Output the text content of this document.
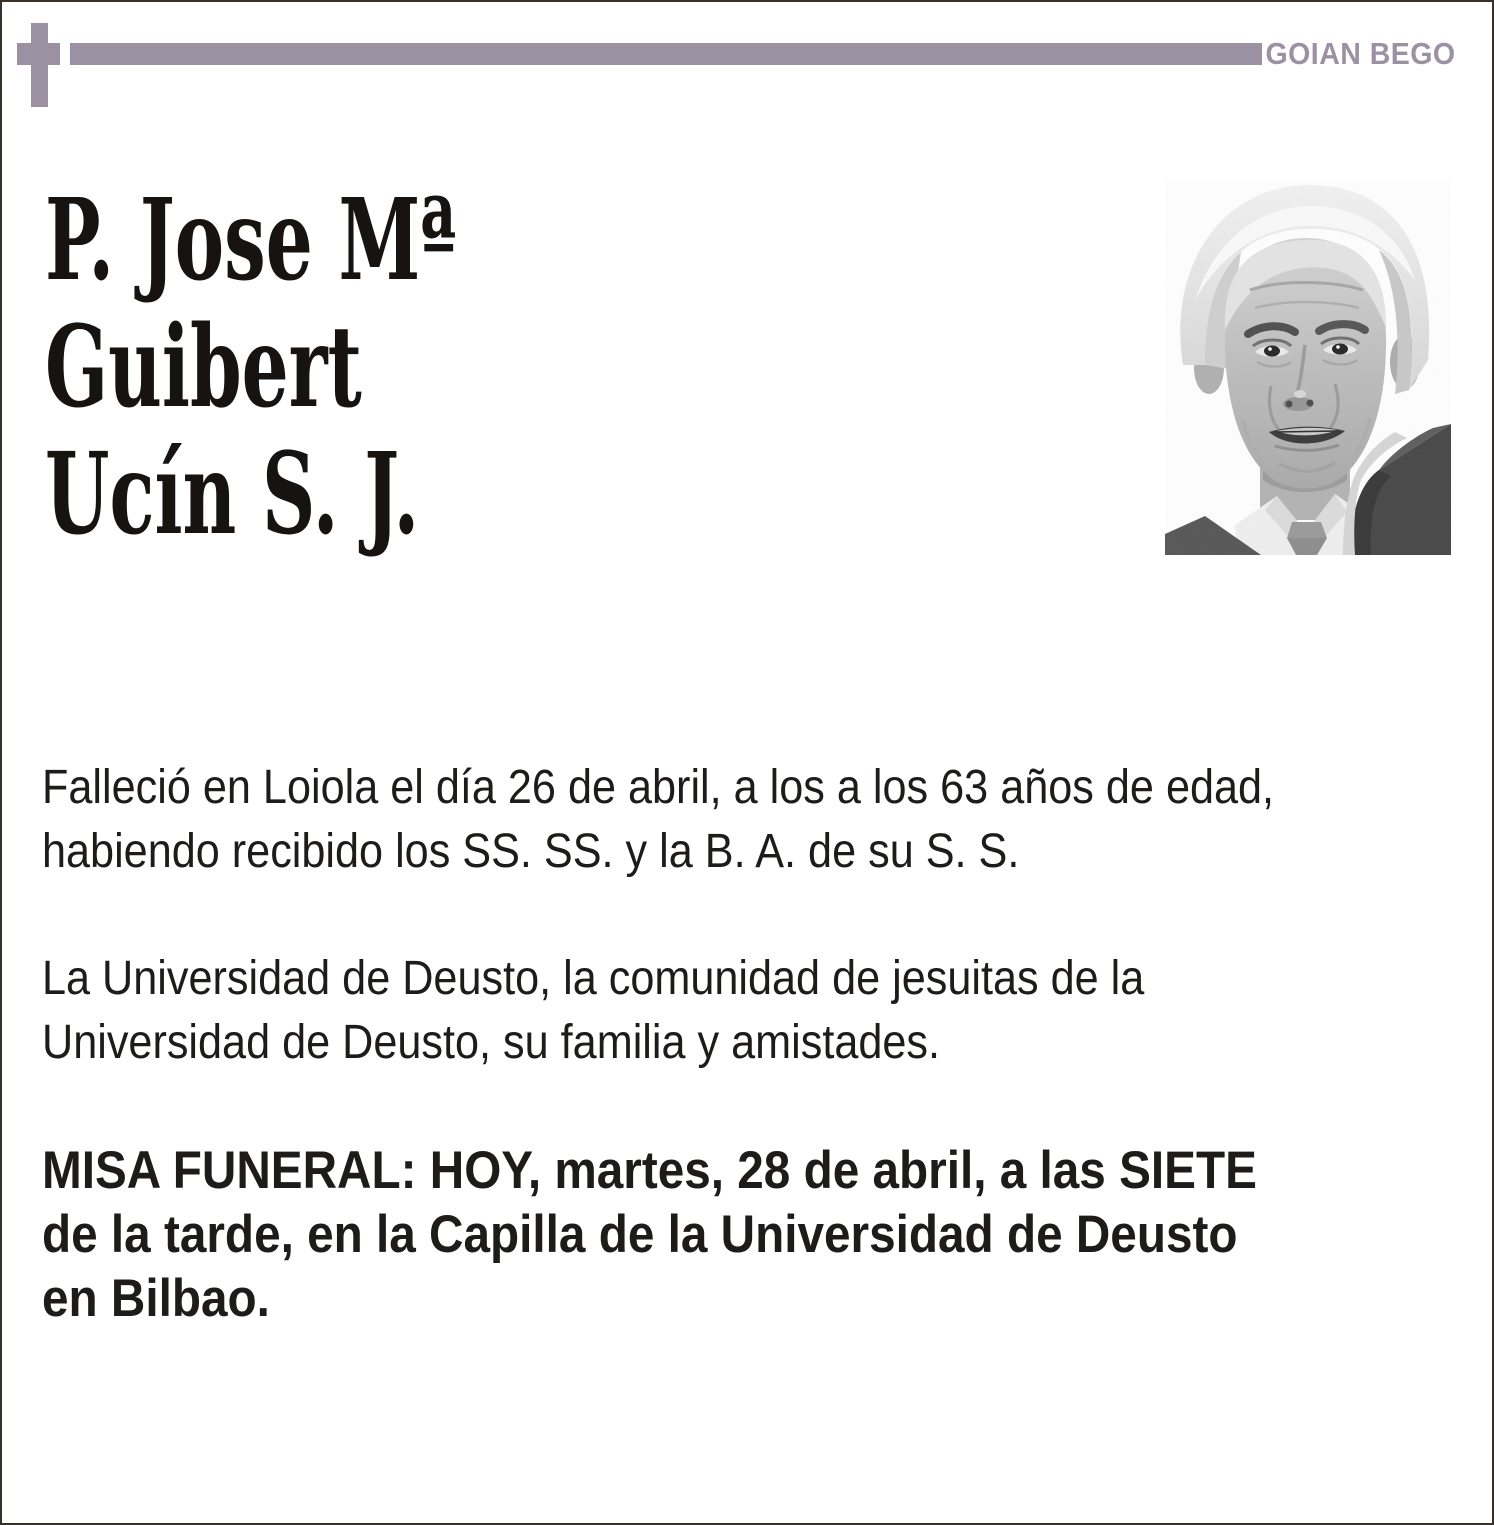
GOIAN BEGO
P. Jose Mª
Guibert
Ucín S. J.
Falleció en Loiola el día 26 de abril, a los a los 63 años de edad,
habiendo recibido los SS. SS. y la B. A. de su S. S.
La Universidad de Deusto, la comunidad de jesuitas de la
Universidad de Deusto, su familia y amistades.
MISA FUNERAL: HOY, martes, 28 de abril, a las SIETE
de la tarde, en la Capilla de la Universidad de Deusto
en Bilbao.
